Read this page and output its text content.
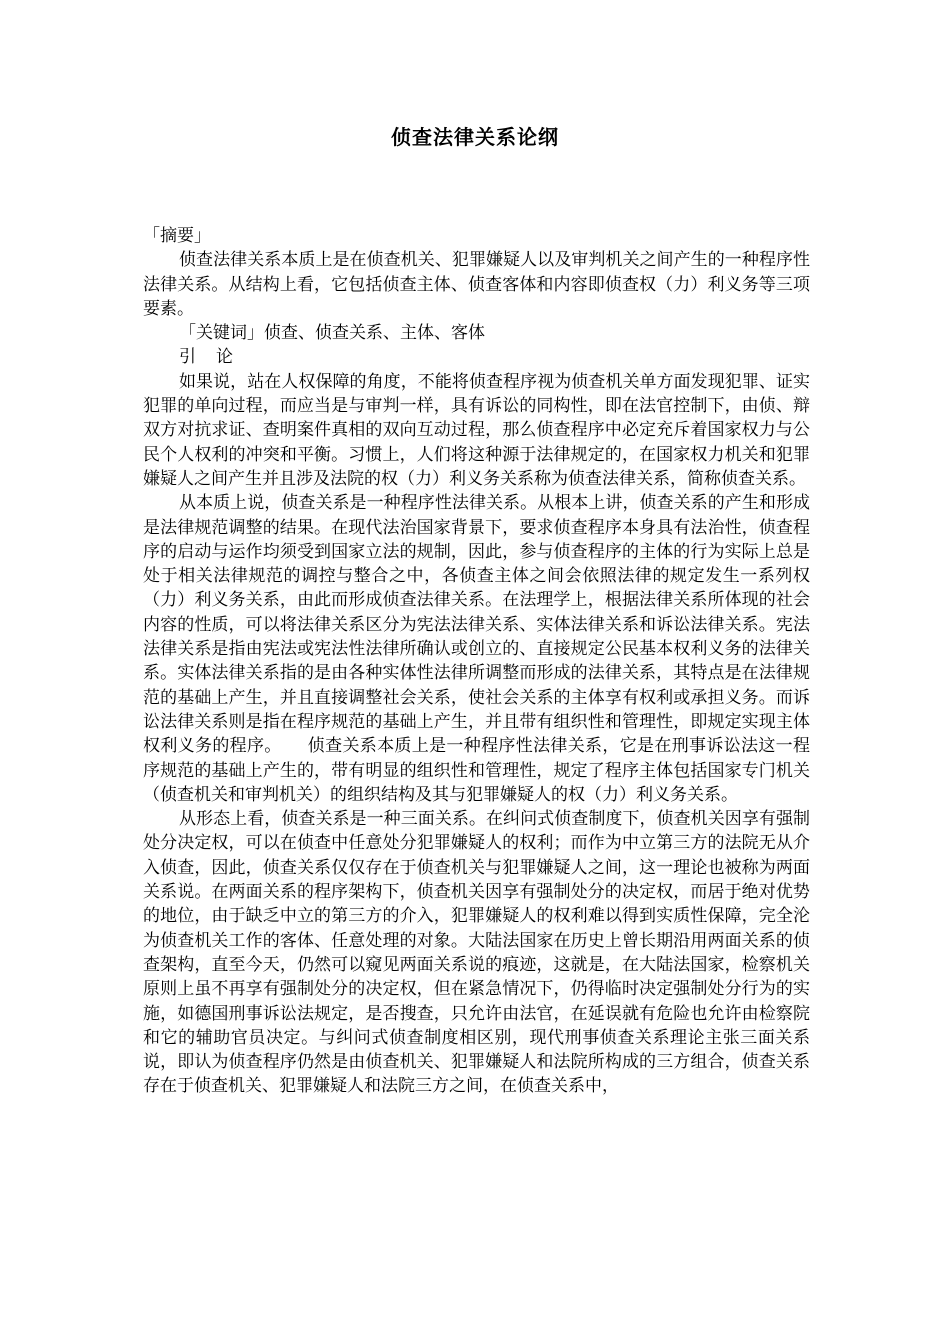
侦查法律关系论纲

「摘要」

侦查法律关系本质上是在侦查机关、犯罪嫌疑人以及审判机关之间产生的一种程序性法律关系。从结构上看，它包括侦查主体、侦查客体和内容即侦查权（力）利义务等三项要素。

「关键词」侦查、侦查关系、主体、客体

引 论

如果说，站在人权保障的角度，不能将侦查程序视为侦查机关单方面发现犯罪、证实犯罪的单向过程，而应当是与审判一样，具有诉讼的同构性，即在法官控制下，由侦、辩双方对抗求证、查明案件真相的双向互动过程，那么侦查程序中必定充斥着国家权力与公民个人权利的冲突和平衡。习惯上，人们将这种源于法律规定的，在国家权力机关和犯罪嫌疑人之间产生并且涉及法院的权（力）利义务关系称为侦查法律关系，简称侦查关系。

从本质上说，侦查关系是一种程序性法律关系。从根本上讲，侦查关系的产生和形成是法律规范调整的结果。在现代法治国家背景下，要求侦查程序本身具有法治性，侦查程序的启动与运作均须受到国家立法的规制，因此，参与侦查程序的主体的行为实际上总是处于相关法律规范的调控与整合之中，各侦查主体之间会依照法律的规定发生一系列权（力）利义务关系，由此而形成侦查法律关系。在法理学上，根据法律关系所体现的社会内容的性质，可以将法律关系区分为宪法法律关系、实体法律关系和诉讼法律关系。宪法法律关系是指由宪法或宪法性法律所确认或创立的、直接规定公民基本权利义务的法律关系。实体法律关系指的是由各种实体性法律所调整而形成的法律关系，其特点是在法律规范的基础上产生，并且直接调整社会关系，使社会关系的主体享有权利或承担义务。而诉讼法律关系则是指在程序规范的基础上产生，并且带有组织性和管理性，即规定实现主体权利义务的程序。　　侦查关系本质上是一种程序性法律关系，它是在刑事诉讼法这一程序规范的基础上产生的，带有明显的组织性和管理性，规定了程序主体包括国家专门机关（侦查机关和审判机关）的组织结构及其与犯罪嫌疑人的权（力）利义务关系。

从形态上看，侦查关系是一种三面关系。在纠问式侦查制度下，侦查机关因享有强制处分决定权，可以在侦查中任意处分犯罪嫌疑人的权利；而作为中立第三方的法院无从介入侦查，因此，侦查关系仅仅存在于侦查机关与犯罪嫌疑人之间，这一理论也被称为两面关系说。在两面关系的程序架构下，侦查机关因享有强制处分的决定权，而居于绝对优势的地位，由于缺乏中立的第三方的介入，犯罪嫌疑人的权利难以得到实质性保障，完全沦为侦查机关工作的客体、任意处理的对象。大陆法国家在历史上曾长期沿用两面关系的侦查架构，直至今天，仍然可以窥见两面关系说的痕迹，这就是，在大陆法国家，检察机关原则上虽不再享有强制处分的决定权，但在紧急情况下，仍得临时决定强制处分行为的实施，如德国刑事诉讼法规定，是否搜查，只允许由法官，在延误就有危险也允许由检察院和它的辅助官员决定。与纠问式侦查制度相区别，现代刑事侦查关系理论主张三面关系说，即认为侦查程序仍然是由侦查机关、犯罪嫌疑人和法院所构成的三方组合，侦查关系存在于侦查机关、犯罪嫌疑人和法院三方之间，在侦查关系中，
